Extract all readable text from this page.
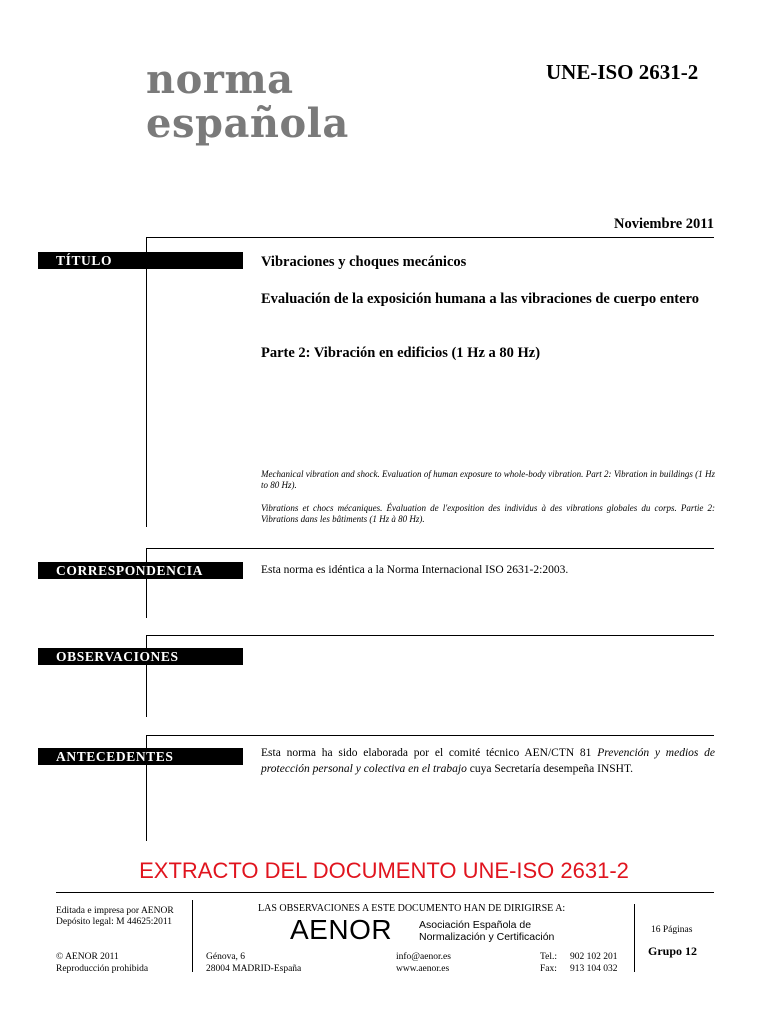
norma
española
UNE-ISO 2631-2
Noviembre 2011
TÍTULO	Vibraciones y choques mecánicos
Evaluación de la exposición humana a las vibraciones de cuerpo entero
Parte 2: Vibración en edificios (1 Hz a 80 Hz)
Mechanical vibration and shock. Evaluation of human exposure to whole-body vibration. Part 2: Vibration in buildings (1 Hz to 80 Hz).
Vibrations et chocs mécaniques. Évaluation de l'exposition des individus à des vibrations globales du corps. Partie 2: Vibrations dans les bâtiments (1 Hz à 80 Hz).
CORRESPONDENCIA	Esta norma es idéntica a la Norma Internacional ISO 2631-2:2003.
OBSERVACIONES
ANTECEDENTES	Esta norma ha sido elaborada por el comité técnico AEN/CTN 81 Prevención y medios de protección personal y colectiva en el trabajo cuya Secretaría desempeña INSHT.
EXTRACTO DEL DOCUMENTO UNE-ISO 2631-2
Editada e impresa por AENOR
Depósito legal: M 44625:2011
© AENOR 2011
Reproducción prohibida
LAS OBSERVACIONES A ESTE DOCUMENTO HAN DE DIRIGIRSE A:
AENOR	Asociación Española de
Normalización y Certificación
Génova, 6
28004 MADRID-España
info@aenor.es
www.aenor.es
Tel.: 902 102 201
Fax: 913 104 032
16 Páginas
Grupo 12
